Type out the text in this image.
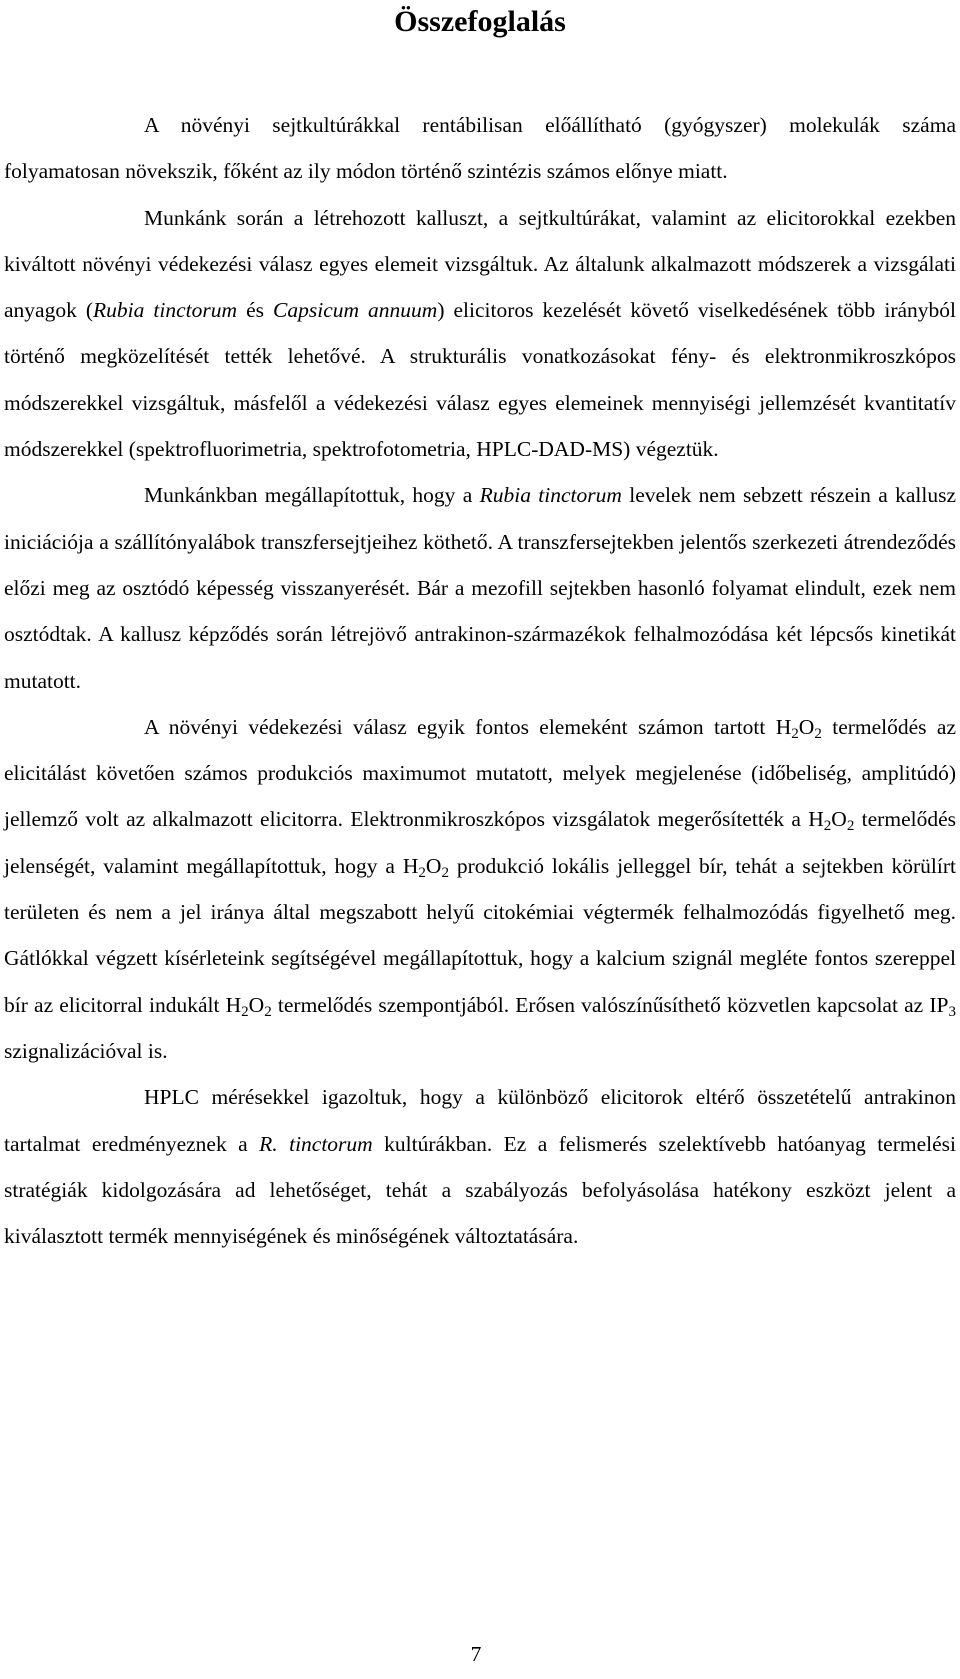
Összefoglalás

A növényi sejtkultúrákkal rentábilisan előállítható (gyógyszer) molekulák száma folyamatosan növekszik, főként az ily módon történő szintézis számos előnye miatt.

Munkánk során a létrehozott kalluszt, a sejtkultúrákat, valamint az elicitorokkal ezekben kiváltott növényi védekezési válasz egyes elemeit vizsgáltuk. Az általunk alkalmazott módszerek a vizsgálati anyagok (Rubia tinctorum és Capsicum annuum) elicitoros kezelését követő viselkedésének több irányból történő megközelítését tették lehetővé. A strukturális vonatkozásokat fény- és elektronmikroszkópos módszerekkel vizsgáltuk, másfelől a védekezési válasz egyes elemeinek mennyiségi jellemzését kvantitatív módszerekkel (spektrofluorimetria, spektrofotometria, HPLC-DAD-MS) végeztük.

Munkánkban megállapítottuk, hogy a Rubia tinctorum levelek nem sebzett részein a kallusz iniciációja a szállítónyalábok transzfersejtjeihez köthető. A transzfersejtekben jelentős szerkezeti átrendeződés előzi meg az osztódó képesség visszanyerését. Bár a mezofill sejtekben hasonló folyamat elindult, ezek nem osztódtak. A kallusz képződés során létrejövő antrakinon-származékok felhalmozódása két lépcsős kinetikát mutatott.

A növényi védekezési válasz egyik fontos elemeként számon tartott $H_2O_2$ termelődés az elicitálást követően számos produkciós maximumot mutatott, melyek megjelenése (időbeliség, amplitúdó) jellemző volt az alkalmazott elicitorra. Elektronmikroszkópos vizsgálatok megerősítették a $H_2O_2$ termelődés jelenségét, valamint megállapítottuk, hogy a $H_2O_2$ produkció lokális jelleggel bír, tehát a sejtekben körülírt területen és nem a jel iránya által megszabott helyű citokémiai végtermék felhalmozódás figyelhető meg. Gátlókkal végzett kísérleteink segítségével megállapítottuk, hogy a kalcium szignál megléte fontos szereppel bír az elicitorral indukált $H_2O_2$ termelődés szempontjából. Erősen valószínűsíthető közvetlen kapcsolat az $IP_3$ szignalizációval is.

HPLC mérésekkel igazoltuk, hogy a különböző elicitorok eltérő összetételű antrakinon tartalmat eredményeznek a R. tinctorum kultúrákban. Ez a felismerés szelektívebb hatóanyag termelési stratégiák kidolgozására ad lehetőséget, tehát a szabályozás befolyásolása hatékony eszközt jelent a kiválasztott termék mennyiségének és minőségének változtatására.

7
